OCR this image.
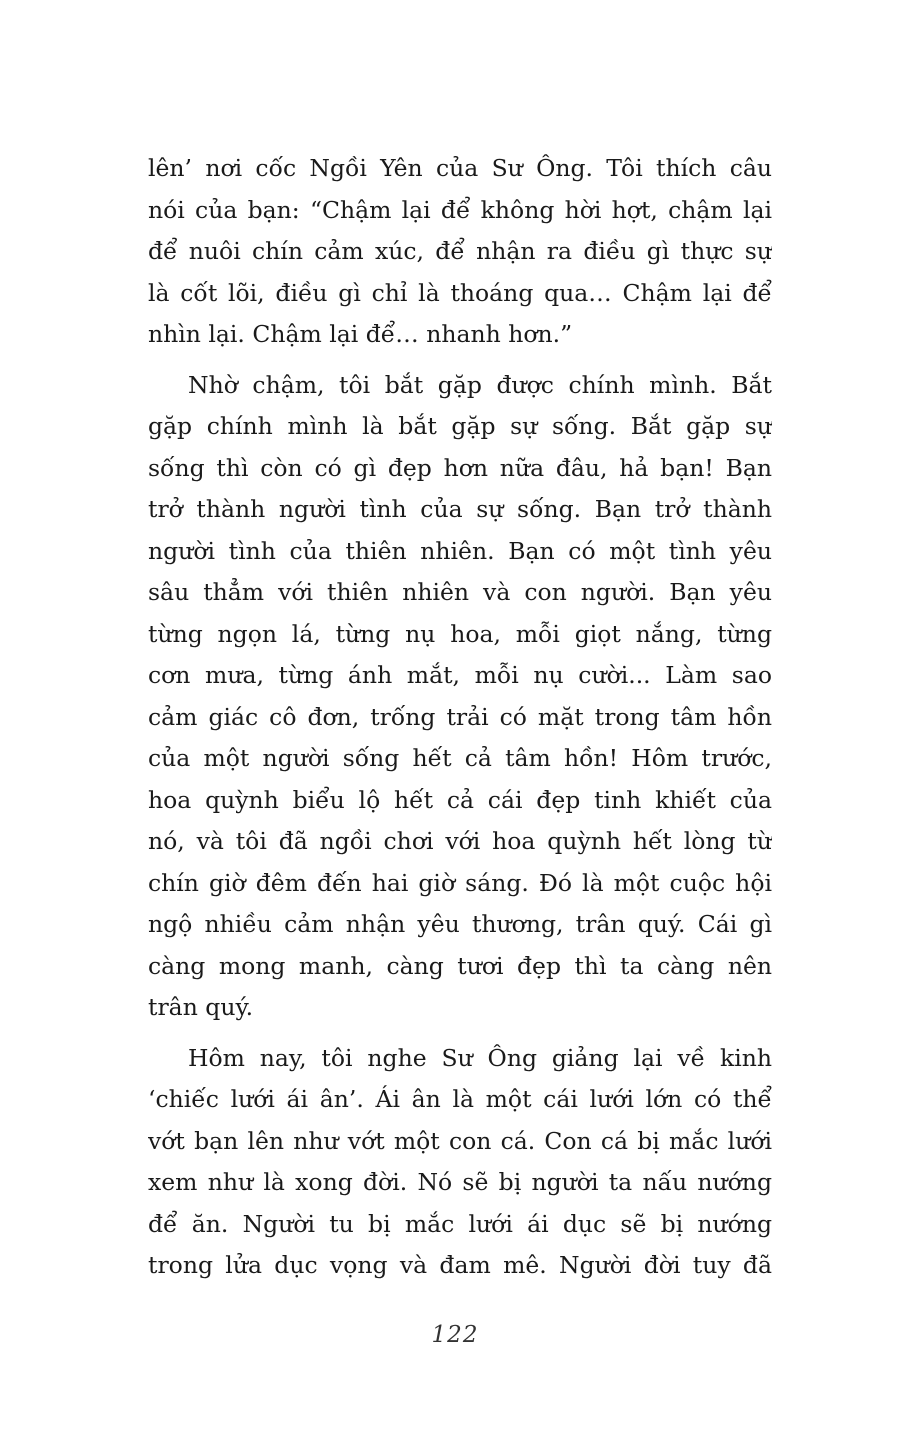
lên’ nơi cốc Ngồi Yên của Sư Ông. Tôi thích câu
nói của bạn: “Chậm lại để không hời hợt, chậm lại
để nuôi chín cảm xúc, để nhận ra điều gì thực sự
là cốt lõi, điều gì chỉ là thoáng qua… Chậm lại để
nhìn lại. Chậm lại để… nhanh hơn.”
Nhờ chậm, tôi bắt gặp được chính mình. Bắt
gặp chính mình là bắt gặp sự sống. Bắt gặp sự
sống thì còn có gì đẹp hơn nữa đâu, hả bạn! Bạn
trở thành người tình của sự sống. Bạn trở thành
người tình của thiên nhiên. Bạn có một tình yêu
sâu thẳm với thiên nhiên và con người. Bạn yêu
từng ngọn lá, từng nụ hoa, mỗi giọt nắng, từng
cơn mưa, từng ánh mắt, mỗi nụ cười... Làm sao
cảm giác cô đơn, trống trải có mặt trong tâm hồn
của một người sống hết cả tâm hồn! Hôm trước,
hoa quỳnh biểu lộ hết cả cái đẹp tinh khiết của
nó, và tôi đã ngồi chơi với hoa quỳnh hết lòng từ
chín giờ đêm đến hai giờ sáng. Đó là một cuộc hội
ngộ nhiều cảm nhận yêu thương, trân quý. Cái gì
càng mong manh, càng tươi đẹp thì ta càng nên
trân quý.
Hôm nay, tôi nghe Sư Ông giảng lại về kinh
‘chiếc lưới ái ân’. Ái ân là một cái lưới lớn có thể
vớt bạn lên như vớt một con cá. Con cá bị mắc lưới
xem như là xong đời. Nó sẽ bị người ta nấu nướng
để ăn. Người tu bị mắc lưới ái dục sẽ bị nướng
trong lửa dục vọng và đam mê. Người đời tuy đã
122
